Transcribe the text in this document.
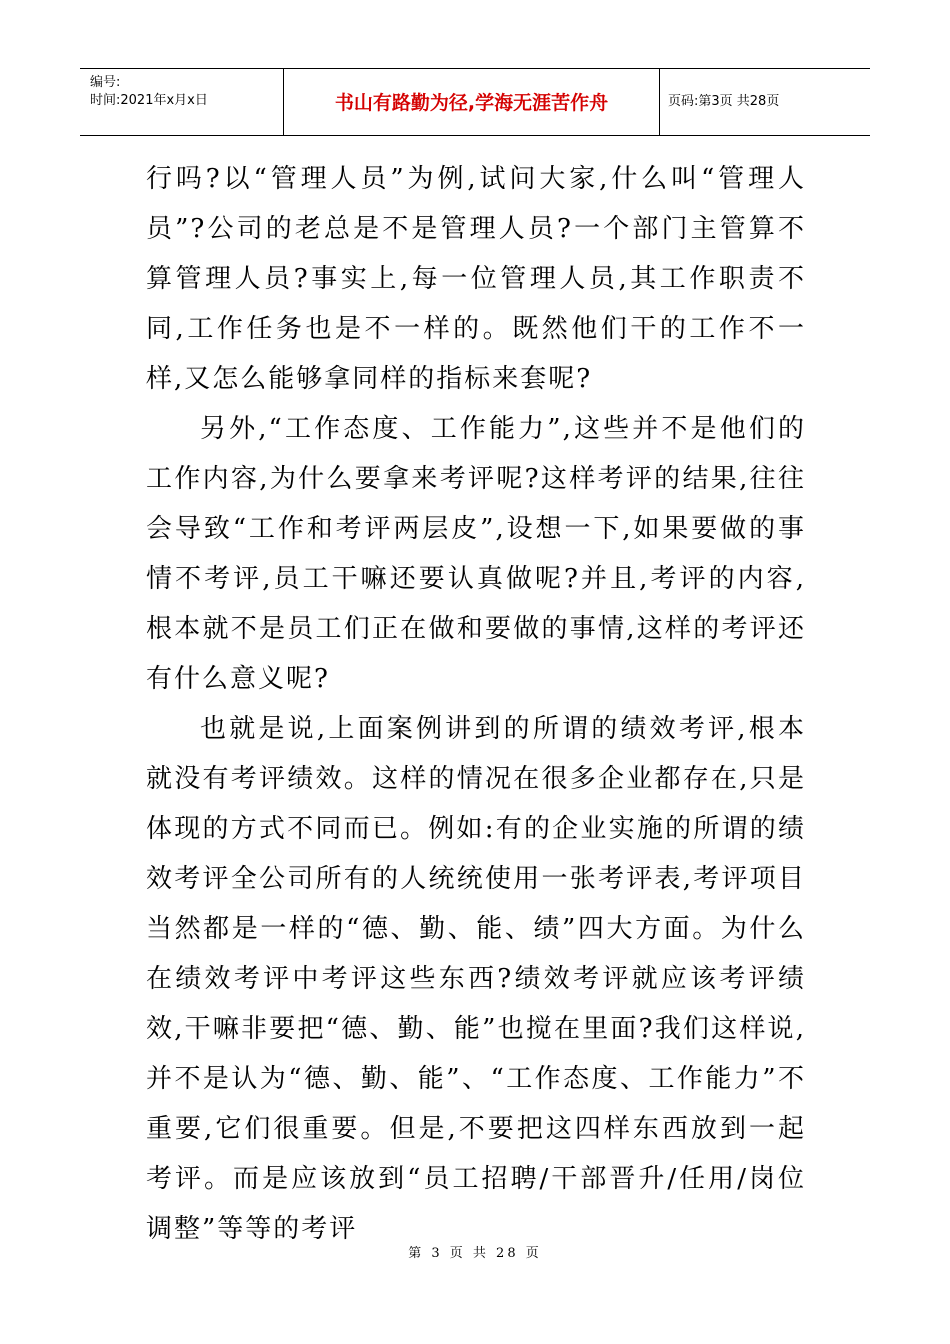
编号:
时间:2021年x月x日	书山有路勤为径,学海无涯苦作舟	页码:第3页 共28页

行吗?以“管理人员”为例,试问大家,什么叫“管理人员”?公司的老总是不是管理人员?一个部门主管算不算管理人员?事实上,每一位管理人员,其工作职责不同,工作任务也是不一样的。既然他们干的工作不一样,又怎么能够拿同样的指标来套呢?

另外,“工作态度、工作能力”,这些并不是他们的工作内容,为什么要拿来考评呢?这样考评的结果,往往会导致“工作和考评两层皮”,设想一下,如果要做的事情不考评,员工干嘛还要认真做呢?并且,考评的内容,根本就不是员工们正在做和要做的事情,这样的考评还有什么意义呢?

也就是说,上面案例讲到的所谓的绩效考评,根本就没有考评绩效。这样的情况在很多企业都存在,只是体现的方式不同而已。例如:有的企业实施的所谓的绩效考评全公司所有的人统统使用一张考评表,考评项目当然都是一样的“德、勤、能、绩”四大方面。为什么在绩效考评中考评这些东西?绩效考评就应该考评绩效,干嘛非要把“德、勤、能”也搅在里面?我们这样说,并不是认为“德、勤、能”、“工作态度、工作能力”不重要,它们很重要。但是,不要把这四样东西放到一起考评。而是应该放到“员工招聘/干部晋升/任用/岗位调整”等等的考评

第 3 页 共 28 页
